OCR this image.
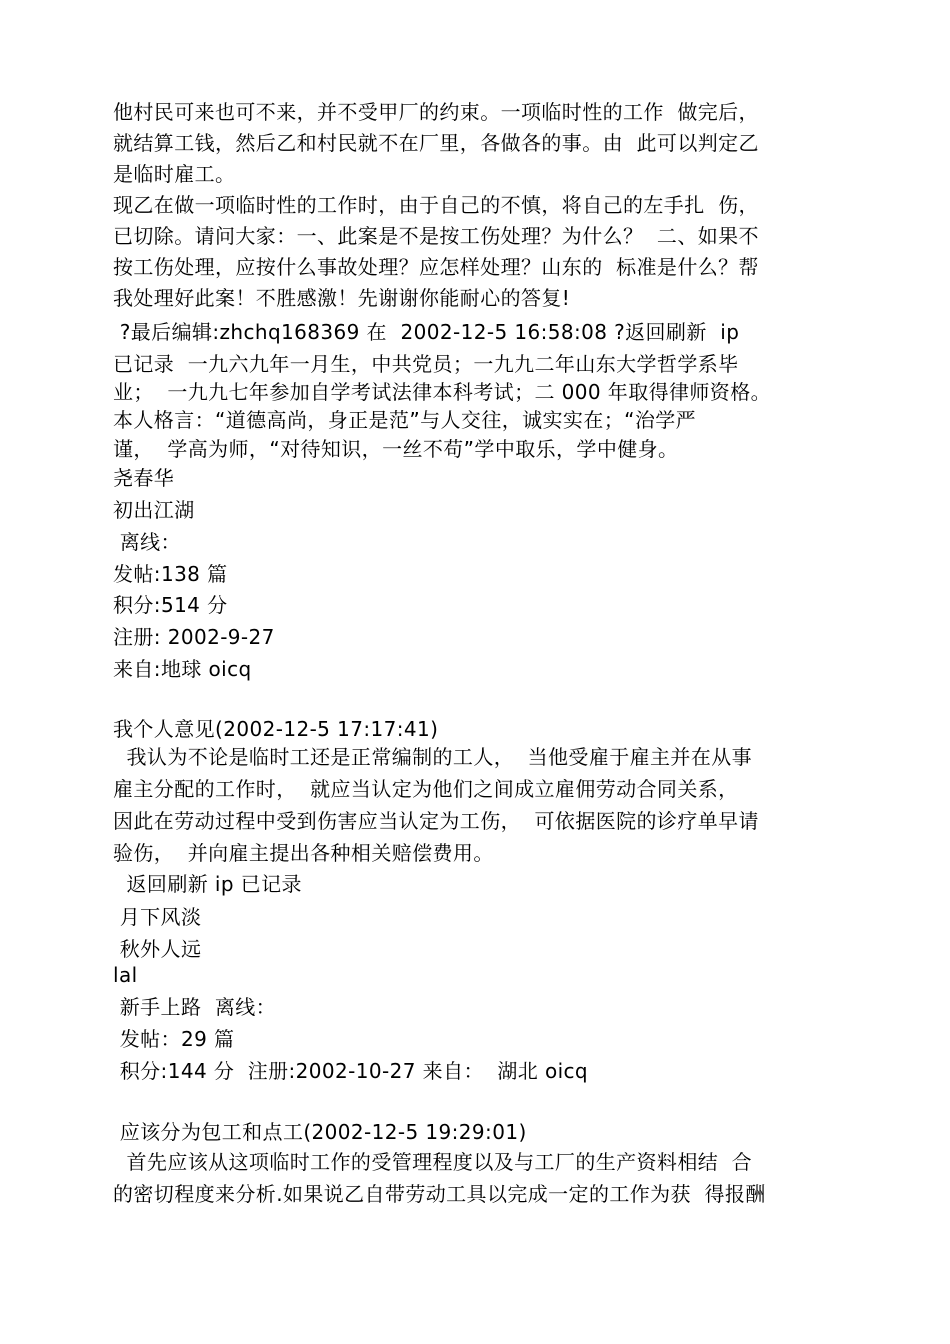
他村民可来也可不来，并不受甲厂的约束。一项临时性的工作  做完后，
就结算工钱，然后乙和村民就不在厂里，各做各的事。由  此可以判定乙
是临时雇工。
现乙在做一项临时性的工作时，由于自己的不慎，将自己的左手扎  伤，
已切除。请问大家：一、此案是不是按工伤处理？为什么？  二、如果不
按工伤处理，应按什么事故处理？应怎样处理？山东的  标准是什么？帮
我处理好此案！不胜感激！先谢谢你能耐心的答复!
?最后编辑:zhchq168369 在  2002-12-5 16:58:08 ?返回刷新  ip
已记录  一九六九年一月生，中共党员；一九九二年山东大学哲学系毕
业；  一九九七年参加自学考试法律本科考试；二 000 年取得律师资格。
本人格言：“道德高尚，身正是范”与人交往，诚实实在；“治学严
谨，  学高为师，“对待知识，一丝不苟”学中取乐，学中健身。
尧春华
初出江湖
离线：
发帖:138 篇
积分:514 分
注册: 2002-9-27
来自:地球 oicq
我个人意见(2002-12-5 17:17:41)
我认为不论是临时工还是正常编制的工人，  当他受雇于雇主并在从事
雇主分配的工作时，  就应当认定为他们之间成立雇佣劳动合同关系，
因此在劳动过程中受到伤害应当认定为工伤，  可依据医院的诊疗单早请
验伤，  并向雇主提出各种相关赔偿费用。
返回刷新 ip 已记录
月下风淡
秋外人远
lal
新手上路  离线：
发帖：29 篇
积分:144 分  注册:2002-10-27 来自：  湖北 oicq
应该分为包工和点工(2002-12-5 19:29:01)
首先应该从这项临时工作的受管理程度以及与工厂的生产资料相结  合
的密切程度来分析.如果说乙自带劳动工具以完成一定的工作为获  得报酬
